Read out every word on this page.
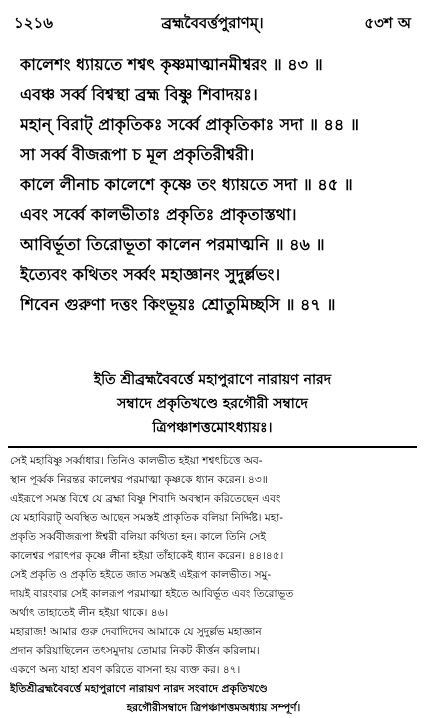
১২১৬	ব্রহ্মবৈবর্ত্তপুরাণম্।	৫৩শ অ
কালেশং ধ্যায়তে শশ্বৎ কৃষ্ণমাত্মানমীশ্বরং ॥ ৪৩ ॥
এবঞ্চ সর্ব্ব বিশ্বস্থা ব্রহ্ম বিষ্ণু শিবাদয়ঃ।
মহান্ বিরাট্ প্রাকৃতিকঃ সর্ব্বে প্রাকৃতিকাঃ সদা ॥ ৪৪ ॥
সা সর্ব্ব বীজরূপা চ মূল প্রকৃতিরীশ্বরী।
কালে লীনাচ কালেশে কৃষ্ণে তং ধ্যায়তে সদা ॥ ৪৫ ॥
এবং সর্ব্বে কালভীতাঃ প্রকৃতিঃ প্রাকৃতাস্তথা।
আবির্ভূতা তিরোভূতা কালেন পরমাত্মনি ॥ ৪৬ ॥
ইত্যেবং কথিতং সর্ব্বং মহাজ্ঞানং সুদুর্ল্লভং।
শিবেন গুরুণা দত্তং কিংভূয়ঃ শ্রোতুমিচ্ছসি ॥ ৪৭ ॥
ইতি শ্রীব্রহ্মবৈবর্ত্তে মহাপুরাণে নারায়ণ নারদ
সম্বাদে প্রকৃতিখণ্ডে হরগৌরী সম্বাদে
ত্রিপঞ্চাশত্তমোঽধ্যায়ঃ।
সেই মহাবিষ্ণু সর্ব্বাধার। তিনিও কালভীত হইয়া শশ্বৎচিত্তে অব-
স্থান পূর্ব্বক নিরন্তর কালেশ্বর পরমাত্মা কৃষ্ণকে ধ্যান করেন। ৪৩॥
এইরূপে সমস্ত বিশ্বে যে ব্রহ্মা বিষ্ণু শিবাদি অবস্থান করিতেছেন এবং
যে মহাবিরাট্ অবস্থিত আছেন সমস্তই প্রাকৃতিক বলিয়া নির্দ্দিষ্ট। মহা-
প্রকৃতি সর্ব্ববীজরূপা ঈশ্বরী বলিয়া কথিতা হন। কালে তিনি সেই
কালেশ্বর পরাৎপর কৃষ্ণে লীনা হইয়া তাঁহাকেই ধ্যান করেন। ৪৪।৪৫।
সেই প্রকৃতি ও প্রকৃতি হইতে জাত সমস্তই এইরূপ কালভীত। সমু-
দায়ই বারংবার সেই কালরূপ পরমাত্মা হইতে আবির্ভূত এবং তিরোভূত
অর্থাৎ তাহাতেই লীন হইয়া থাকে। ৪৬।
মহারাজ! আমার গুরু দেবাদিদেব আমাকে যে সুদুর্ল্লভ মহাজ্ঞান
প্রদান করিয়াছিলেন তৎসমুদায় তোমার নিকট কীর্ত্তন করিলাম।
একণে অন্য যাহা শ্রবণ করিতে বাসনা হয় ব্যক্ত কর। ৪৭।
ইতিশ্রীব্রহ্মবৈবর্ত্তে মহাপুরাণে নারায়ণ নারদ সংবাদে প্রকৃতিখণ্ডে
হরগৌরীসম্বাদে ত্রিপঞ্চাশত্তমঅধ্যায় সম্পূর্ণ।
